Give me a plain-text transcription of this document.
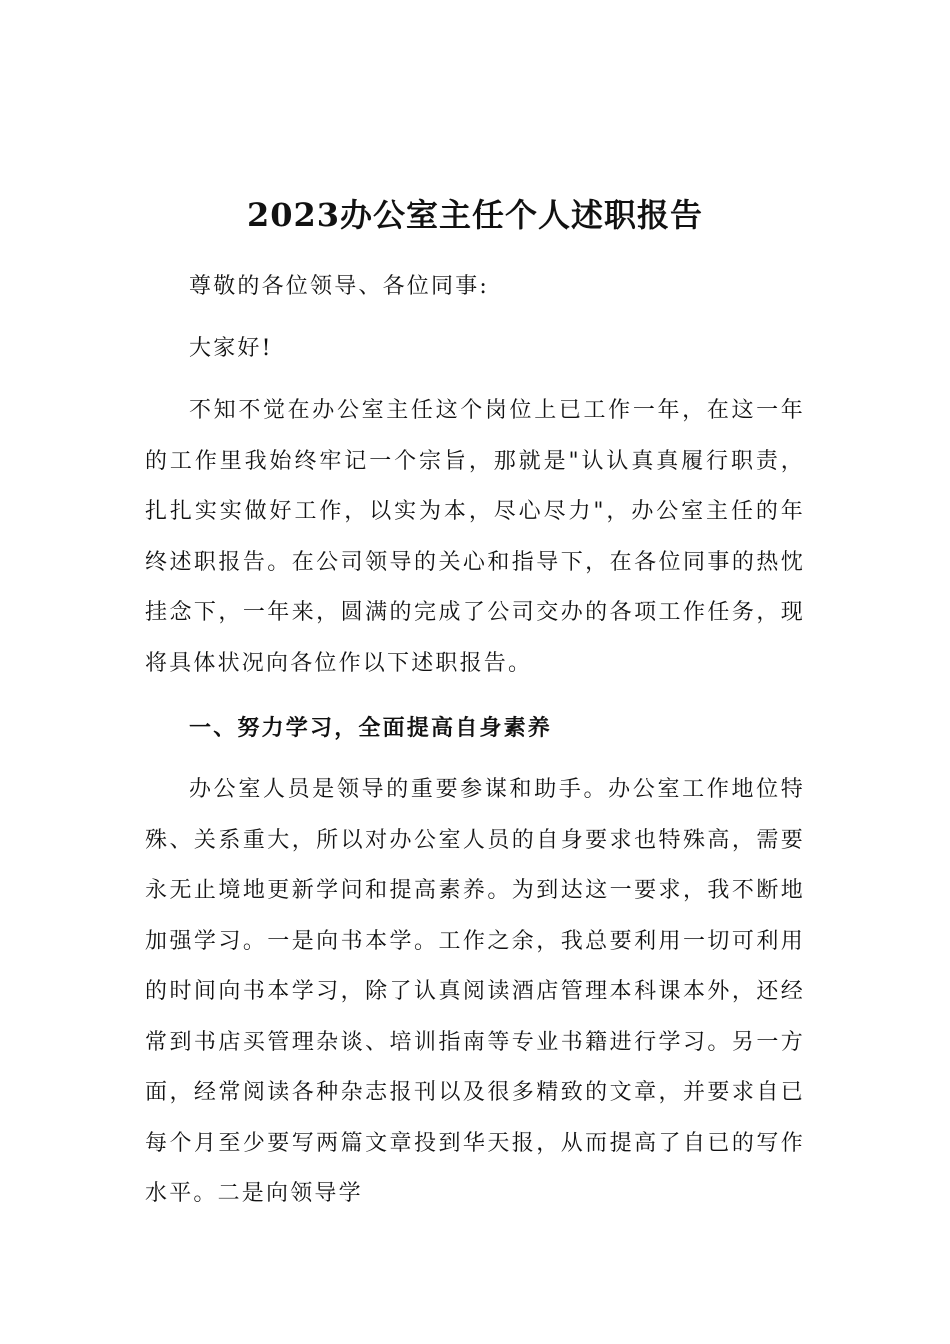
2023办公室主任个人述职报告

尊敬的各位领导、各位同事:

大家好!

不知不觉在办公室主任这个岗位上已工作一年，在这一年的工作里我始终牢记一个宗旨，那就是"认认真真履行职责，扎扎实实做好工作，以实为本，尽心尽力"，办公室主任的年终述职报告。在公司领导的关心和指导下，在各位同事的热忱挂念下，一年来，圆满的完成了公司交办的各项工作任务，现将具体状况向各位作以下述职报告。

一、努力学习，全面提高自身素养

办公室人员是领导的重要参谋和助手。办公室工作地位特殊、关系重大，所以对办公室人员的自身要求也特殊高，需要永无止境地更新学问和提高素养。为到达这一要求，我不断地加强学习。一是向书本学。工作之余，我总要利用一切可利用的时间向书本学习，除了认真阅读酒店管理本科课本外，还经常到书店买管理杂谈、培训指南等专业书籍进行学习。另一方面，经常阅读各种杂志报刊以及很多精致的文章，并要求自已每个月至少要写两篇文章投到华天报，从而提高了自已的写作水平。二是向领导学
